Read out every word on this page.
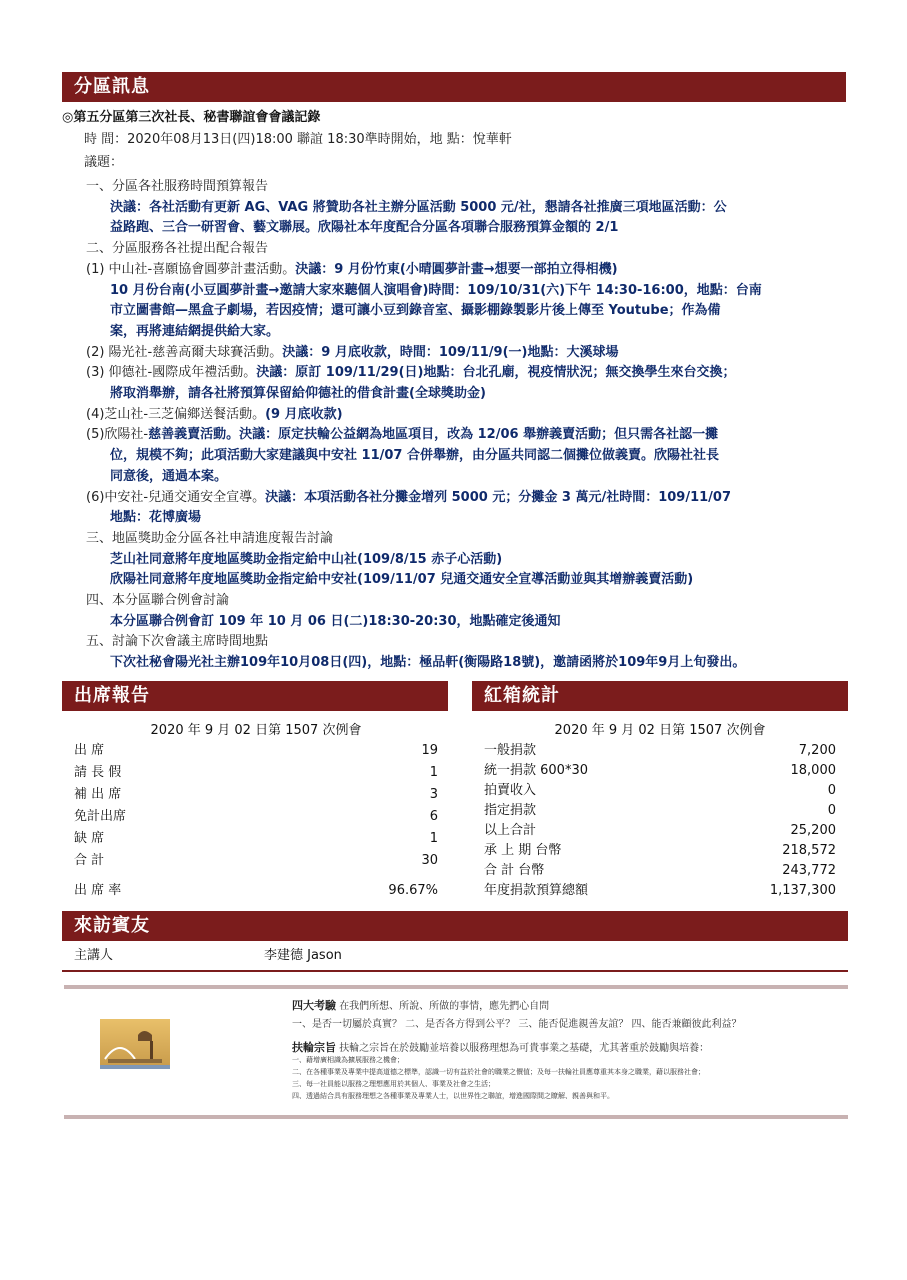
分區訊息
◎第五分區第三次社長、秘書聯誼會會議記錄
時 間：2020年08月13日(四)18:00 聯誼 18:30準時開始，地 點：悅華軒
議題：
一、分區各社服務時間預算報告
決議：各社活動有更新 AG、VAG 將贊助各社主辦分區活動 5000 元/社，懇請各社推廣三項地區活動：公
益路跑、三合一研習會、藝文聯展。欣陽社本年度配合分區各項聯合服務預算金額的 2/1
二、分區服務各社提出配合報告
(1) 中山社-喜願協會圓夢計畫活動。決議：9 月份竹東(小晴圓夢計畫→想要一部拍立得相機)
10 月份台南(小豆圓夢計畫→邀請大家來聽個人演唱會)時間：109/10/31(六)下午 14:30-16:00，地點：台南
市立圖書館—黑盒子劇場，若因疫情；還可讓小豆到錄音室、攝影棚錄製影片後上傳至 Youtube；作為備
案，再將連結網提供給大家。
(2) 陽光社-慈善高爾夫球賽活動。決議：9 月底收款，時間：109/11/9(一)地點：大溪球場
(3) 仰德社-國際成年禮活動。決議：原訂 109/11/29(日)地點：台北孔廟，視疫情狀況；無交換學生來台交換；
將取消舉辦，請各社將預算保留給仰德社的借食計畫(全球獎助金)
(4)芝山社-三芝偏鄉送餐活動。(9 月底收款)
(5)欣陽社-慈善義賣活動。決議：原定扶輪公益網為地區項目，改為 12/06 舉辦義賣活動；但只需各社認一攤
位，規模不夠；此項活動大家建議與中安社 11/07 合併舉辦，由分區共同認二個攤位做義賣。欣陽社社長
同意後，通過本案。
(6)中安社-兒通交通安全宣導。決議：本項活動各社分攤金增列 5000 元；分攤金 3 萬元/社時間：109/11/07
地點：花博廣場
三、地區獎助金分區各社申請進度報告討論
芝山社同意將年度地區獎助金指定給中山社(109/8/15 赤子心活動)
欣陽社同意將年度地區獎助金指定給中安社(109/11/07 兒通交通安全宣導活動並與其增辦義賣活動)
四、本分區聯合例會討論
本分區聯合例會訂 109 年 10 月 06 日(二)18:30-20:30，地點確定後通知
五、討論下次會議主席時間地點
下次社秘會陽光社主辦109年10月08日(四)，地點：極品軒(衡陽路18號)，邀請函將於109年9月上旬發出。
出席報告	紅箱統計
2020 年 9 月 02 日第 1507 次例會
出 席	19
請 長 假	1
補 出 席	3
免計出席	6
缺 席	1
合 計	30
出 席 率	96.67%
2020 年 9 月 02 日第 1507 次例會
一般捐款	7,200
統一捐款 600*30	18,000
拍賣收入	0
指定捐款	0
以上合計	25,200
承 上 期 台幣	218,572
合 計 台幣	243,772
年度捐款預算總額	1,137,300
來訪賓友
主講人	李建德 Jason
四大考驗 在我們所想、所說、所做的事情，應先捫心自問
一、是否一切屬於真實？ 二、是否各方得到公平？ 三、能否促進親善友誼？ 四、能否兼顧彼此利益？
扶輪宗旨 扶輪之宗旨在於鼓勵並培養以服務理想為可貴事業之基礎，尤其著重於鼓勵與培養：
一、藉增廣相識為擴展服務之機會；
二、在各種事業及專業中提高道德之標準，認識一切有益於社會的職業之價值；及每一扶輪社員應尊重其本身之職業，藉以服務社會；
三、每一社員能以服務之理想應用於其個人、事業及社會之生活；
四、透過結合具有服務理想之各種事業及專業人士，以世界性之聯誼，增進國際間之瞭解、親善與和平。
